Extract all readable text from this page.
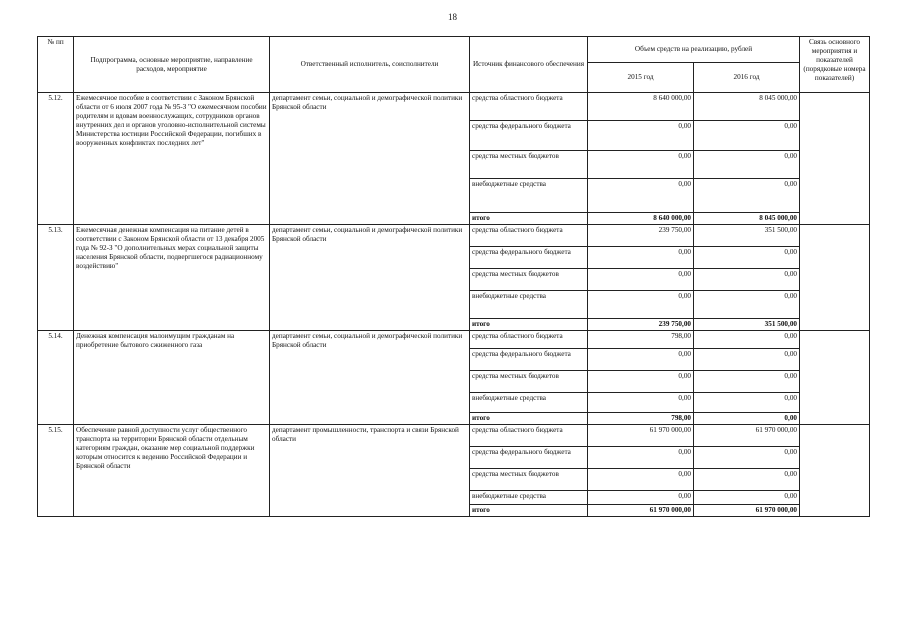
18
№ пп	Подпрограмма, основные мероприятие, направление расходов, мероприятие	Ответственный исполнитель, соисполнители	Источник финансового обеспечения	Объем средств на реализацию, рублей		Связь основного мероприятия и показателей (порядковые номера показателей)
				2015 год	2016 год	
5.12.	Ежемесячное пособие в соответствии с Законом Брянской области от 6 июля 2007 года № 95-З "О ежемесячном пособии родителям и вдовам военнослужащих, сотрудников органов внутренних дел и органов уголовно-исполнительной системы Министерства юстиции Российской Федерации, погибших в вооруженных конфликтах последних лет"	департамент семьи, социальной и демографической политики Брянской области	средства областного бюджета	8 640 000,00	8 045 000,00	
			средства федерального бюджета	0,00	0,00	
			средства местных бюджетов	0,00	0,00	
			внебюджетные средства	0,00	0,00	
			итого	8 640 000,00	8 045 000,00	
5.13.	Ежемесячная денежная компенсация на питание детей в соответствии с Законом Брянской области от 13 декабря 2005 года № 92-З "О дополнительных мерах социальной защиты населения Брянской области, подвергшегося радиационному воздействию"	департамент семьи, социальной и демографической политики Брянской области	средства областного бюджета	239 750,00	351 500,00	
			средства федерального бюджета	0,00	0,00	
			средства местных бюджетов	0,00	0,00	
			внебюджетные средства	0,00	0,00	
			итого	239 750,00	351 500,00	
5.14.	Денежная компенсация малоимущим гражданам на приобретение бытового сжиженного газа	департамент семьи, социальной и демографической политики Брянской области	средства областного бюджета	798,00	0,00	
			средства федерального бюджета	0,00	0,00	
			средства местных бюджетов	0,00	0,00	
			внебюджетные средства	0,00	0,00	
			итого	798,00	0,00	
5.15.	Обеспечение равной доступности услуг общественного транспорта на территории Брянской области отдельным категориям граждан, оказание мер социальной поддержки которым относится к ведению Российской Федерации и Брянской области	департамент промышленности, транспорта и связи Брянской области	средства областного бюджета	61 970 000,00	61 970 000,00	
			средства федерального бюджета	0,00	0,00	
			средства местных бюджетов	0,00	0,00	
			внебюджетные средства	0,00	0,00	
			итого	61 970 000,00	61 970 000,00	
